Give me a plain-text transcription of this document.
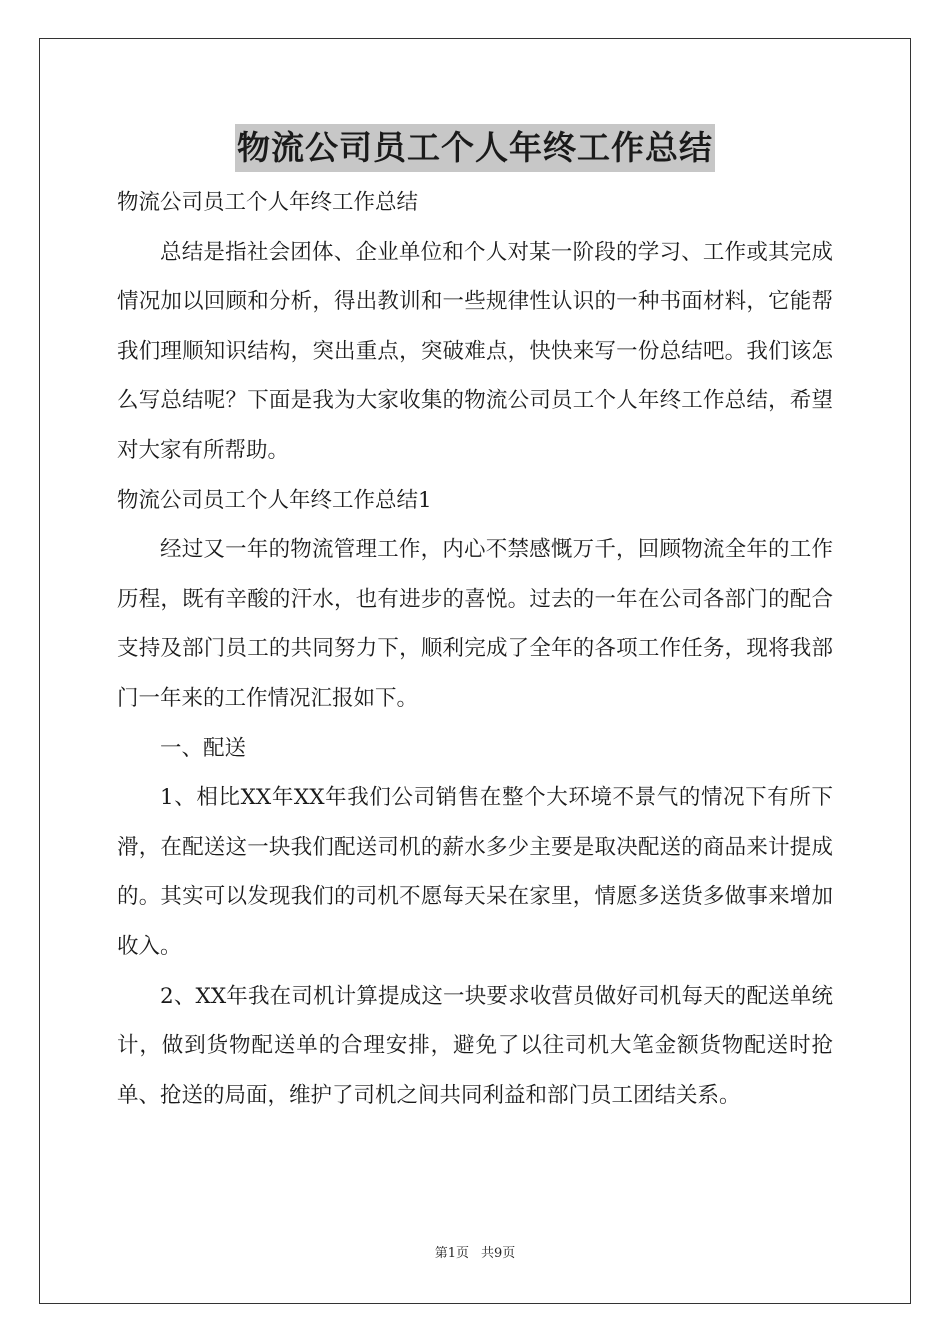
物流公司员工个人年终工作总结

物流公司员工个人年终工作总结

总结是指社会团体、企业单位和个人对某一阶段的学习、工作或其完成情况加以回顾和分析，得出教训和一些规律性认识的一种书面材料，它能帮我们理顺知识结构，突出重点，突破难点，快快来写一份总结吧。我们该怎么写总结呢？下面是我为大家收集的物流公司员工个人年终工作总结，希望对大家有所帮助。

物流公司员工个人年终工作总结1

经过又一年的物流管理工作，内心不禁感慨万千，回顾物流全年的工作历程，既有辛酸的汗水，也有进步的喜悦。过去的一年在公司各部门的配合支持及部门员工的共同努力下，顺利完成了全年的各项工作任务，现将我部门一年来的工作情况汇报如下。

一、配送

1、相比XX年XX年我们公司销售在整个大环境不景气的情况下有所下滑，在配送这一块我们配送司机的薪水多少主要是取决配送的商品来计提成的。其实可以发现我们的司机不愿每天呆在家里，情愿多送货多做事来增加收入。

2、XX年我在司机计算提成这一块要求收营员做好司机每天的配送单统计，做到货物配送单的合理安排，避免了以往司机大笔金额货物配送时抢单、抢送的局面，维护了司机之间共同利益和部门员工团结关系。

第1页 共9页
